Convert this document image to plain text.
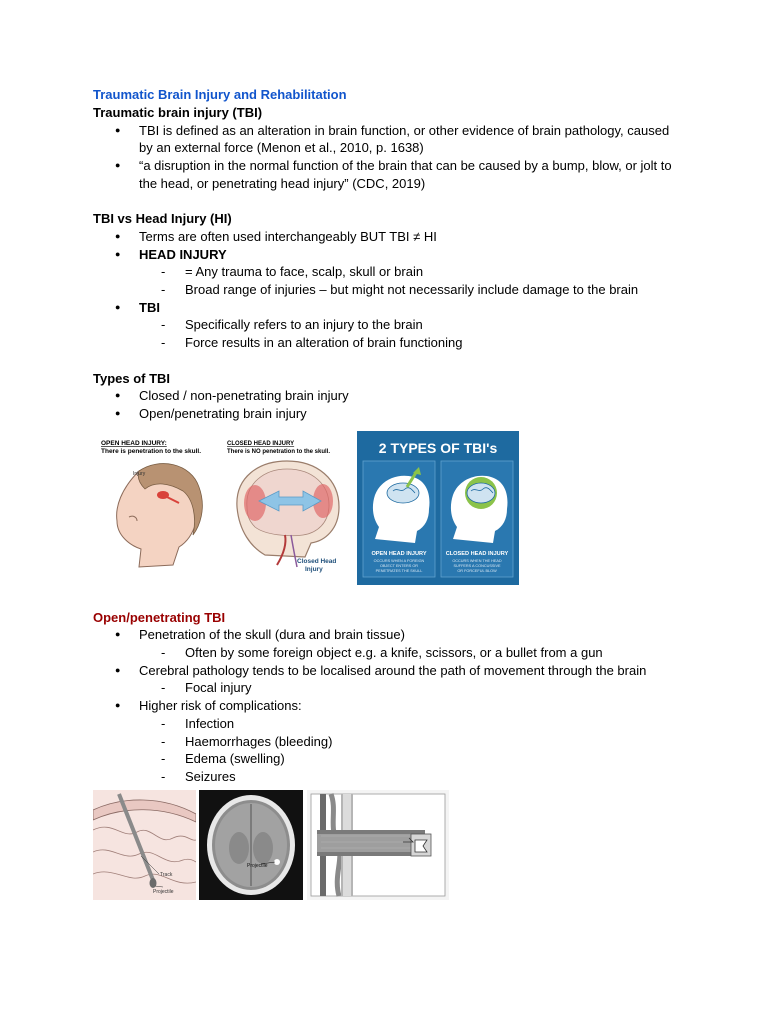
Traumatic Brain Injury and Rehabilitation
Traumatic brain injury (TBI)
● TBI is defined as an alteration in brain function, or other evidence of brain pathology, caused by an external force (Menon et al., 2010, p. 1638)
● “a disruption in the normal function of the brain that can be caused by a bump, blow, or jolt to the head, or penetrating head injury” (CDC, 2019)
TBI vs Head Injury (HI)
● Terms are often used interchangeably BUT TBI ≠ HI
● HEAD INJURY
- = Any trauma to face, scalp, skull or brain
- Broad range of injuries – but might not necessarily include damage to the brain
● TBI
- Specifically refers to an injury to the brain
- Force results in an alteration of brain functioning
Types of TBI
● Closed / non-penetrating brain injury
● Open/penetrating brain injury
OPEN HEAD INJURY:
There is penetration to the skull.
Injury
CLOSED HEAD INJURY
There is NO penetration to the skull.
Closed Head
Injury
2 TYPES OF TBI's
OPEN HEAD INJURY
OCCURS WHEN A FOREIGN
OBJECT ENTERS OR
PENETRATES THE SKULL
CLOSED HEAD INJURY
OCCURS WHEN THE HEAD
SUFFERS A CONCUSSIVE
OR FORCEFUL BLOW
Open/penetrating TBI
● Penetration of the skull (dura and brain tissue)
- Often by some foreign object e.g. a knife, scissors, or a bullet from a gun
● Cerebral pathology tends to be localised around the path of movement through the brain
- Focal injury
● Higher risk of complications:
- Infection
- Haemorrhages (bleeding)
- Edema (swelling)
- Seizures
Track
Projectile
Projectile
